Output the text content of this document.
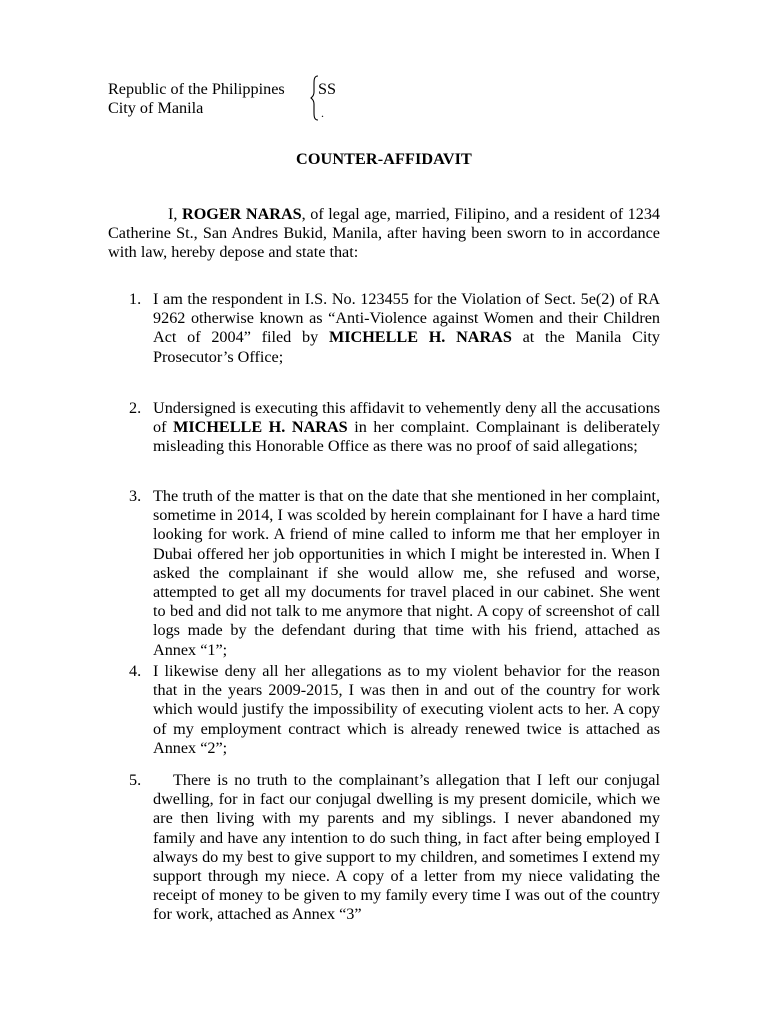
Republic of the Philippines
City of Manila
SS
.
COUNTER-AFFIDAVIT
I, ROGER NARAS, of legal age, married, Filipino, and a resident of 1234 Catherine St., San Andres Bukid, Manila, after having been sworn to in accordance with law, hereby depose and state that:
1. I am the respondent in I.S. No. 123455 for the Violation of Sect. 5e(2) of RA 9262 otherwise known as “Anti-Violence against Women and their Children Act of 2004” filed by MICHELLE H. NARAS at the Manila City Prosecutor’s Office;
2. Undersigned is executing this affidavit to vehemently deny all the accusations of MICHELLE H. NARAS in her complaint. Complainant is deliberately misleading this Honorable Office as there was no proof of said allegations;
3. The truth of the matter is that on the date that she mentioned in her complaint, sometime in 2014, I was scolded by herein complainant for I have a hard time looking for work. A friend of mine called to inform me that her employer in Dubai offered her job opportunities in which I might be interested in. When I asked the complainant if she would allow me, she refused and worse, attempted to get all my documents for travel placed in our cabinet. She went to bed and did not talk to me anymore that night. A copy of screenshot of call logs made by the defendant during that time with his friend, attached as Annex “1”;
4. I likewise deny all her allegations as to my violent behavior for the reason that in the years 2009-2015, I was then in and out of the country for work which would justify the impossibility of executing violent acts to her. A copy of my employment contract which is already renewed twice is attached as Annex “2”;
5.	There is no truth to the complainant’s allegation that I left our conjugal dwelling, for in fact our conjugal dwelling is my present domicile, which we are then living with my parents and my siblings. I never abandoned my family and have any intention to do such thing, in fact after being employed I always do my best to give support to my children, and sometimes I extend my support through my niece. A copy of a letter from my niece validating the receipt of money to be given to my family every time I was out of the country for work, attached as Annex “3”
